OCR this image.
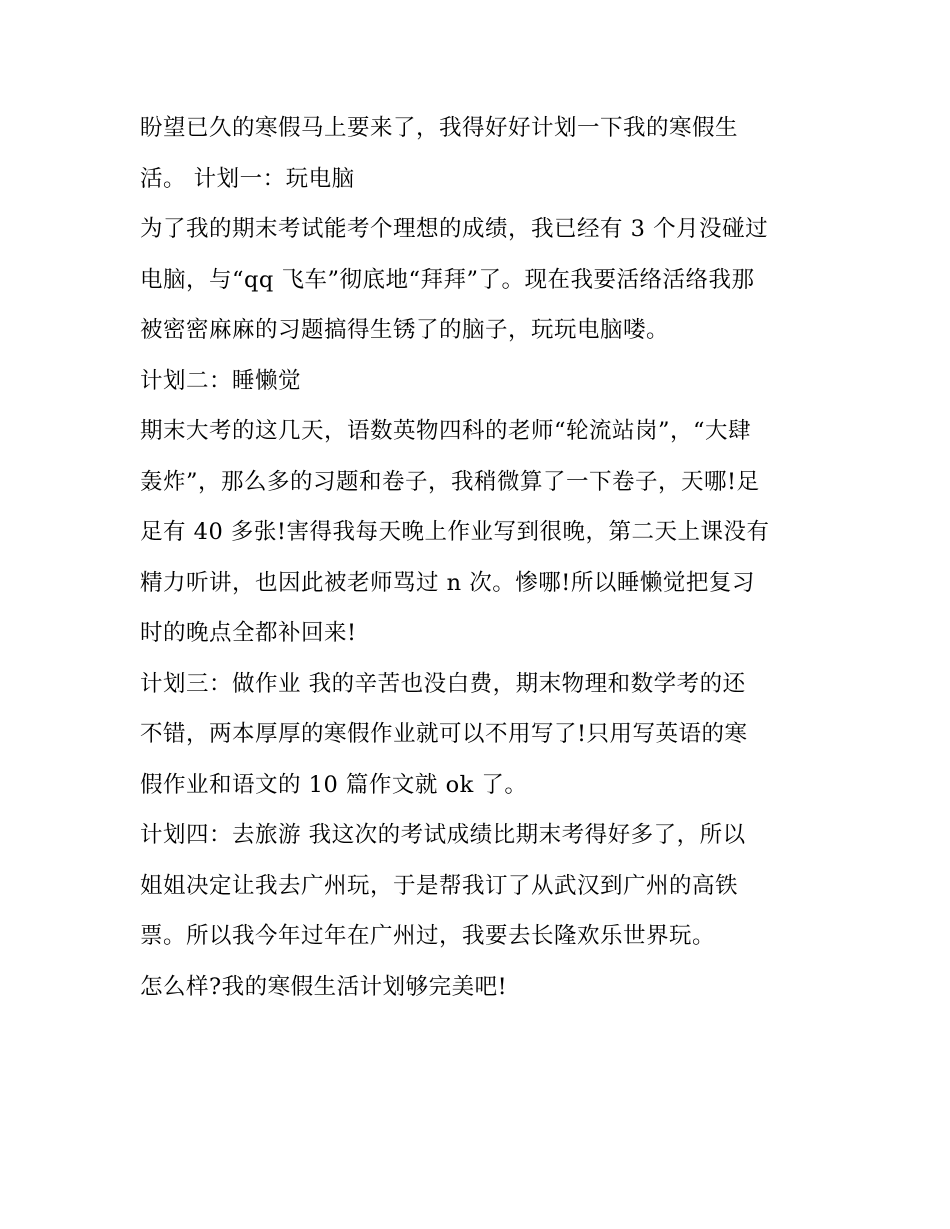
盼望已久的寒假马上要来了，我得好好计划一下我的寒假生
活。 计划一：玩电脑

为了我的期末考试能考个理想的成绩，我已经有 3 个月没碰过
电脑，与“qq 飞车”彻底地“拜拜”了。现在我要活络活络我那
被密密麻麻的习题搞得生锈了的脑子，玩玩电脑喽。

计划二：睡懒觉

期末大考的这几天，语数英物四科的老师“轮流站岗”，“大肆
轰炸”，那么多的习题和卷子，我稍微算了一下卷子，天哪!足
足有 40 多张!害得我每天晚上作业写到很晚，第二天上课没有
精力听讲，也因此被老师骂过 n 次。惨哪!所以睡懒觉把复习
时的晚点全都补回来!

计划三：做作业 我的辛苦也没白费，期末物理和数学考的还
不错，两本厚厚的寒假作业就可以不用写了!只用写英语的寒
假作业和语文的 10 篇作文就 ok 了。

计划四：去旅游 我这次的考试成绩比期末考得好多了，所以
姐姐决定让我去广州玩，于是帮我订了从武汉到广州的高铁
票。所以我今年过年在广州过，我要去长隆欢乐世界玩。

怎么样?我的寒假生活计划够完美吧!
